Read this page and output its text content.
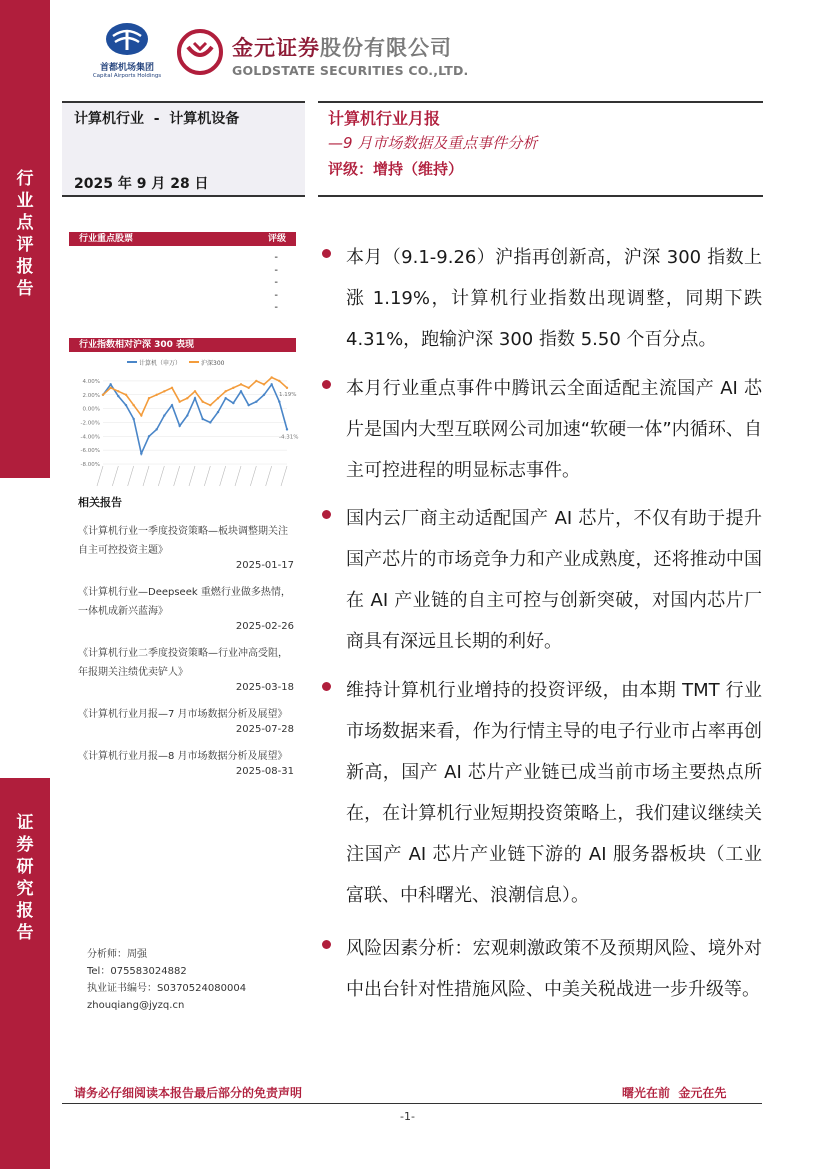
行
业
点
评
报
告
证
券
研
究
报
告
首都机场集团
Capital Airports Holdings
金元证券股份有限公司
GOLDSTATE SECURITIES CO.,LTD.
计算机行业  -  计算机设备
2025 年 9 月 28 日
计算机行业月报
—9 月市场数据及重点事件分析
评级：增持（维持）
行业重点股票	评级
-
-
-
-
-
行业指数相对沪深 300 表现
计算机（申万）	沪深300
4.00%
2.00%
0.00%
-2.00%
-4.00%
-6.00%
-8.00%
1.19%
-4.31%
相关报告
《计算机行业一季度投资策略—板块调整期关注自主可控投资主题》
2025-01-17
《计算机行业—Deepseek 重燃行业做多热情，一体机成新兴蓝海》
2025-02-26
《计算机行业二季度投资策略—行业冲高受阻，年报期关注绩优卖铲人》
2025-03-18
《计算机行业月报—7 月市场数据分析及展望》
2025-07-28
《计算机行业月报—8 月市场数据分析及展望》
2025-08-31
分析师：周强
Tel：075583024882
执业证书编号：S0370524080004
zhouqiang@jyzq.cn
本月（9.1-9.26）沪指再创新高，沪深 300 指数上涨 1.19%，计算机行业指数出现调整，同期下跌 4.31%，跑输沪深 300 指数 5.50 个百分点。
本月行业重点事件中腾讯云全面适配主流国产 AI 芯片是国内大型互联网公司加速“软硬一体”内循环、自主可控进程的明显标志事件。
国内云厂商主动适配国产 AI 芯片，不仅有助于提升国产芯片的市场竞争力和产业成熟度，还将推动中国在 AI 产业链的自主可控与创新突破，对国内芯片厂商具有深远且长期的利好。
维持计算机行业增持的投资评级，由本期 TMT 行业市场数据来看，作为行情主导的电子行业市占率再创新高，国产 AI 芯片产业链已成当前市场主要热点所在，在计算机行业短期投资策略上，我们建议继续关注国产 AI 芯片产业链下游的 AI 服务器板块（工业富联、中科曙光、浪潮信息）。
风险因素分析：宏观刺激政策不及预期风险、境外对中出台针对性措施风险、中美关税战进一步升级等。
请务必仔细阅读本报告最后部分的免责声明	曙光在前  金元在先
-1-
